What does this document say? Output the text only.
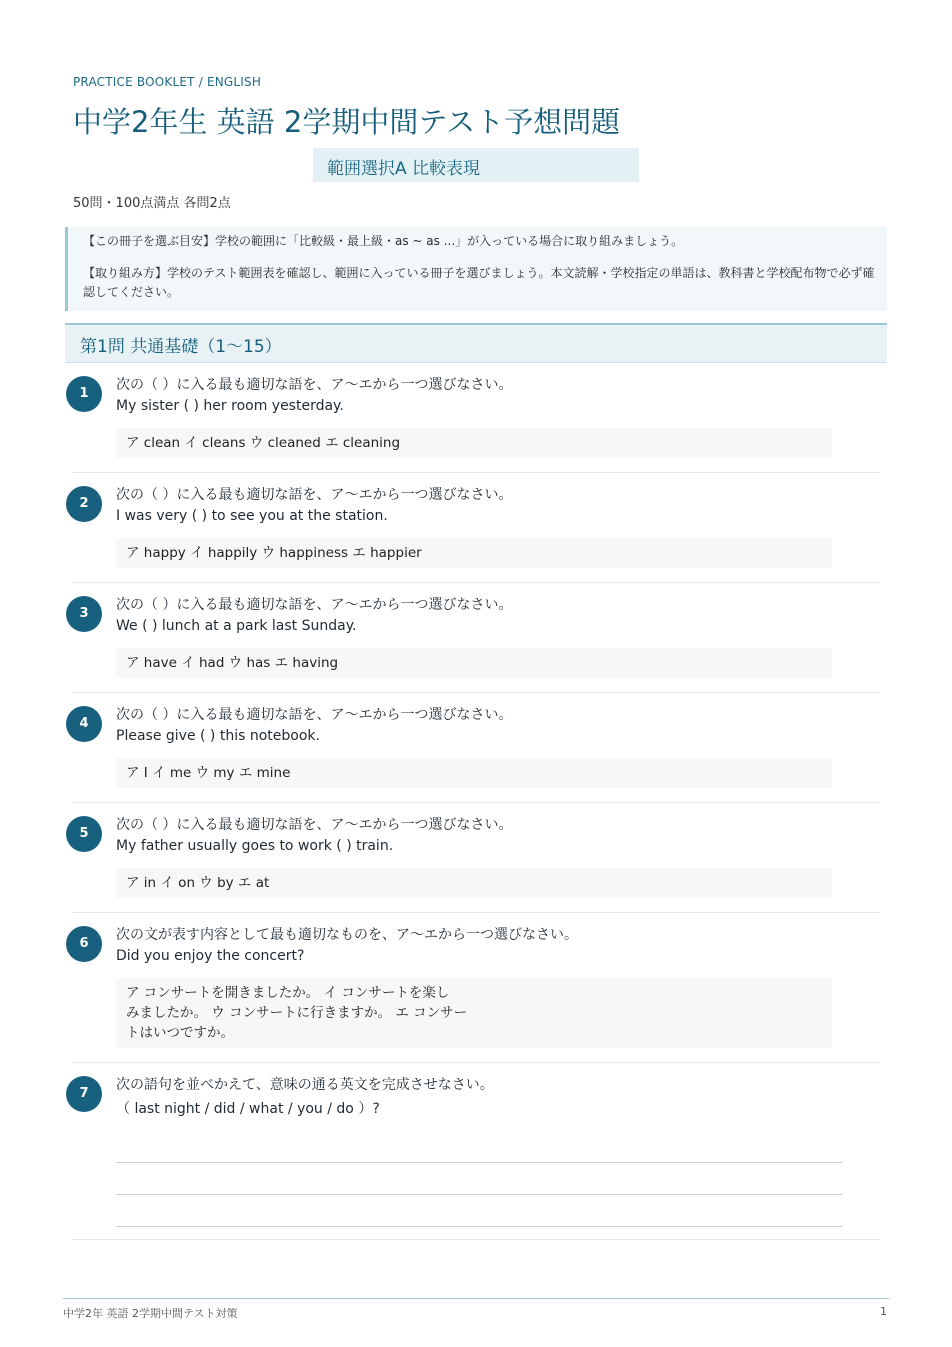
PRACTICE BOOKLET / ENGLISH
中学2年生 英語 2学期中間テスト予想問題
範囲選択A 比較表現
50問・100点満点 各問2点
【この冊子を選ぶ目安】学校の範囲に「比較級・最上級・as ~ as ...」が入っている場合に取り組みましょう。
【取り組み方】学校のテスト範囲表を確認し、範囲に入っている冊子を選びましょう。本文読解・学校指定の単語は、教科書と学校配布物で必ず確認してください。
第1問 共通基礎（1〜15）
1
次の（ ）に入る最も適切な語を、ア〜エから一つ選びなさい。
My sister ( ) her room yesterday.
ア clean イ cleans ウ cleaned エ cleaning
2
次の（ ）に入る最も適切な語を、ア〜エから一つ選びなさい。
I was very ( ) to see you at the station.
ア happy イ happily ウ happiness エ happier
3
次の（ ）に入る最も適切な語を、ア〜エから一つ選びなさい。
We ( ) lunch at a park last Sunday.
ア have イ had ウ has エ having
4
次の（ ）に入る最も適切な語を、ア〜エから一つ選びなさい。
Please give ( ) this notebook.
ア I イ me ウ my エ mine
5
次の（ ）に入る最も適切な語を、ア〜エから一つ選びなさい。
My father usually goes to work ( ) train.
ア in イ on ウ by エ at
6
次の文が表す内容として最も適切なものを、ア〜エから一つ選びなさい。
Did you enjoy the concert?
ア コンサートを開きましたか。 イ コンサートを楽し
みましたか。 ウ コンサートに行きますか。 エ コンサー
トはいつですか。
7
次の語句を並べかえて、意味の通る英文を完成させなさい。
（ last night / did / what / you / do ）?
中学2年 英語 2学期中間テスト対策	1
